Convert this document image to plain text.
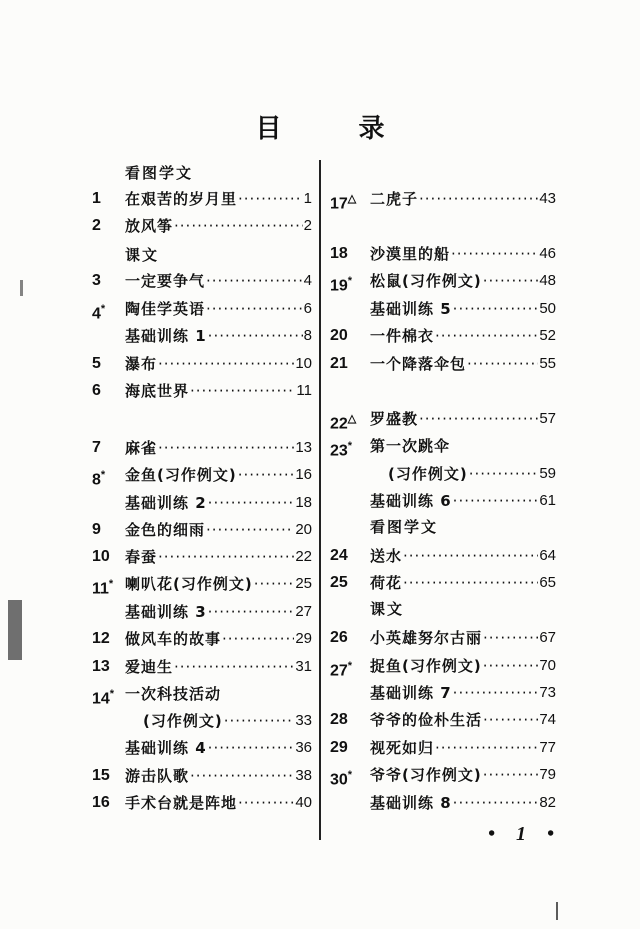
目 录
看图学文
课文
看图学文
课文
1 在艰苦的岁月里 ·····	1
2 放风筝 ·····	2
3 一定要争气 ·····	4
4* 陶佳学英语 ·····	6
基础训练 1 ·····	8
5 瀑布 ·····	10
6 海底世界 ·····	11
7 麻雀 ·····	13
8* 金鱼(习作例文) ·····	16
基础训练 2 ·····	18
9 金色的细雨 ·····	20
10 春蚕 ·····	22
11* 喇叭花(习作例文) ·····	25
基础训练 3 ·····	27
12 做风车的故事 ·····	29
13 爱迪生 ·····	31
14* 一次科技活动
(习作例文) ·····	33
基础训练 4 ·····	36
15 游击队歌 ·····	38
16 手术台就是阵地 ·····	40
17△ 二虎子 ·····	43
18 沙漠里的船 ·····	46
19* 松鼠(习作例文) ·····	48
基础训练 5 ·····	50
20 一件棉衣 ·····	52
21 一个降落伞包 ·····	55
22△ 罗盛教 ·····	57
23* 第一次跳伞
(习作例文) ·····	59
基础训练 6 ·····	61
24 送水 ·····	64
25 荷花 ·····	65
26 小英雄努尔古丽 ·····	67
27* 捉鱼(习作例文) ·····	70
基础训练 7 ·····	73
28 爷爷的俭朴生活 ·····	74
29 视死如归 ·····	77
30* 爷爷(习作例文) ·····	79
基础训练 8 ·····	82
• 1 •
